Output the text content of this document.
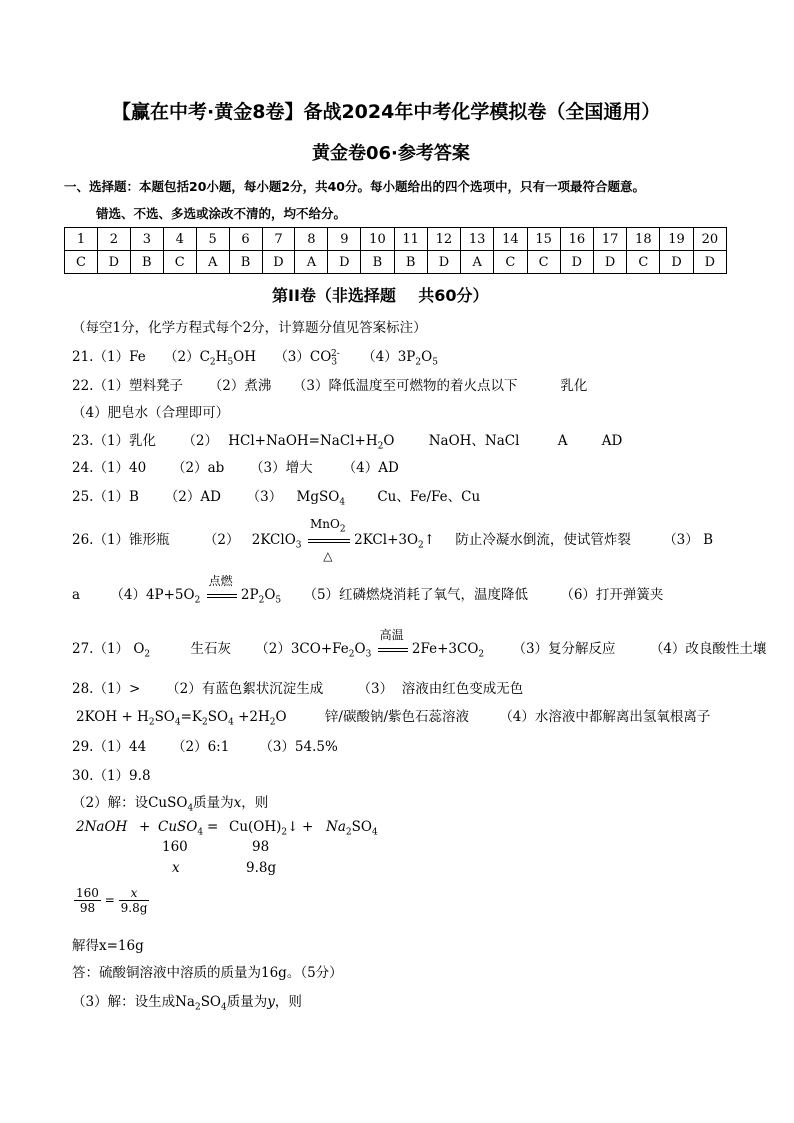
【赢在中考·黄金8卷】备战2024年中考化学模拟卷（全国通用）
黄金卷06·参考答案
一、选择题：本题包括20小题，每小题2分，共40分。每小题给出的四个选项中，只有一项最符合题意。
错选、不选、多选或涂改不清的，均不给分。
1	2	3	4	5	6	7	8	9	10	11	12	13	14	15	16	17	18	19	20
C	D	B	C	A	B	D	A	D	B	B	D	A	C	C	D	D	C	D	D
第II卷（非选择题    共60分）
（每空1分，化学方程式每个2分，计算题分值见答案标注）
21.（1）Fe $(2)C_2H_5OH$ $(3)CO_3^{2-}$ $(4)3P_2O_5$
22.（1）塑料凳子      （2）煮沸     （3）降低温度至可燃物的着火点以下          乳化
（4）肥皂水（合理即可）
23.（1）乳化 （2） $HCl+NaOH=NaCl+H_2O$	NaOH、NaCl	A	AD
24.（1）40      （2）ab      （3）增大       （4）AD
25.（1）B      （2）AD      （3） MgSO$_4$ Cu、Fe/Fe、Cu
26.（1）锥形瓶	（2） 2KClO$_3$
MnO$_2$
△
$2KCl+3O_2↑$ 防止冷凝水倒流，使试管炸裂 （3） B
a $(4)4P+5O_2$
点燃
$2P_2O_5$ （5）红磷燃烧消耗了氧气，温度降低 （6）打开弹簧夹
27.（1） $O_2$	生石灰 $(2)3CO+Fe_2O_3$
高温
$2Fe+3CO_2$ （3）复分解反应	（4）改良酸性土壤
28.（1）>      （2）有蓝色絮状沉淀生成        （3）  溶液由红色变成无色
$2KOH + H_2SO_4=K_2SO_4 +2H_2O$	锌/碳酸钠/紫色石蕊溶液 （4）水溶液中都解离出氢氧根离子
29.（1）44      （2）6:1       （3）54.5%
30.（1）9.8
（2）解：设CuSO$_4$质量为x，则
2NaOH + CuSO$_4$ = $Cu(OH)_2↓ + Na_2SO_4$
160	98
x	9.8g
$\frac{160}{98} = \frac{x}{9.8g}$
解得x=16g
答：硫酸铜溶液中溶质的质量为16g。（5分）
（3）解：设生成$Na_2SO_4$质量为y，则
